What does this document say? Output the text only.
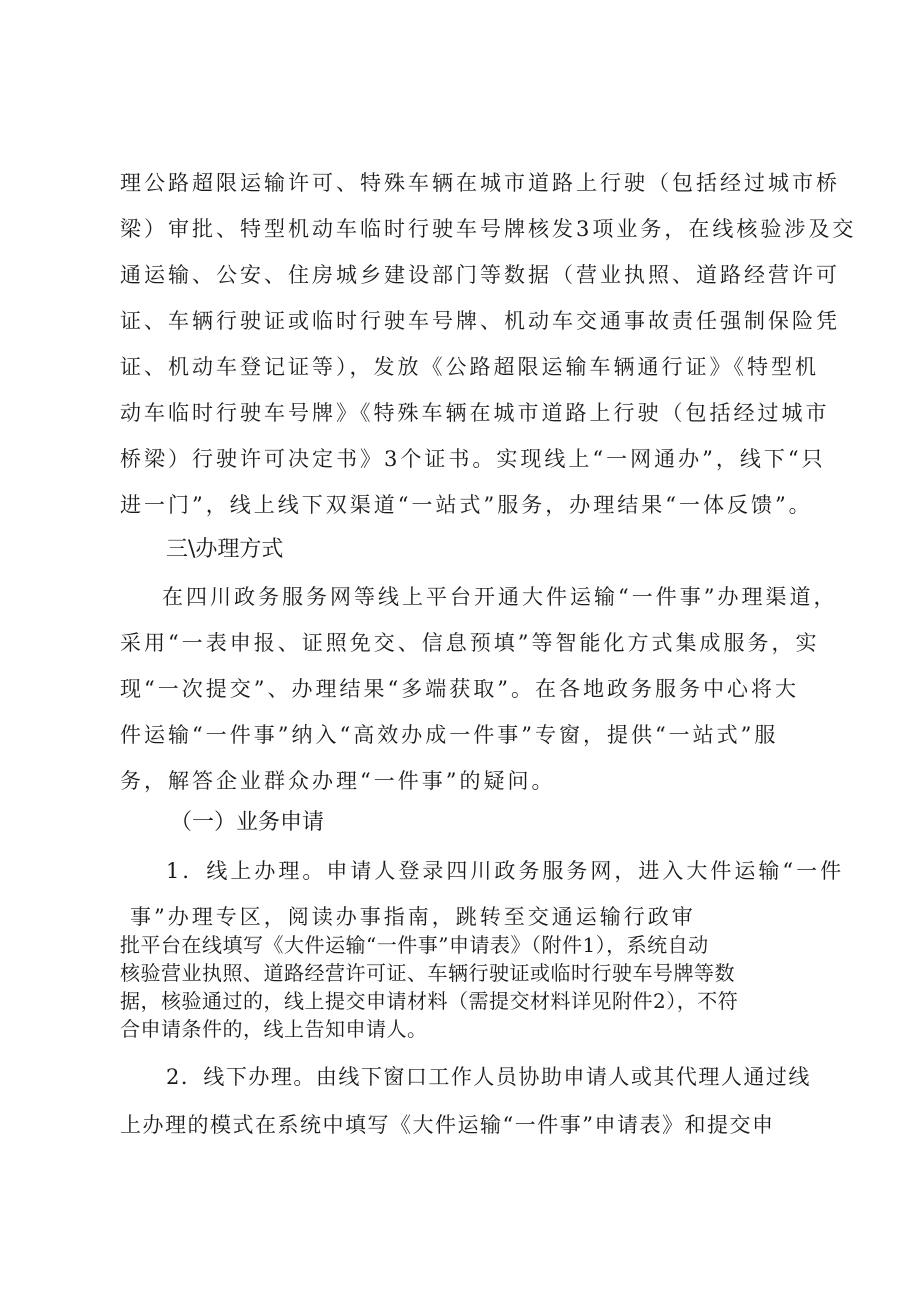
理公路超限运输许可、特殊车辆在城市道路上行驶（包括经过城市桥
梁）审批、特型机动车临时行驶车号牌核发3项业务，在线核验涉及交
通运输、公安、住房城乡建设部门等数据（营业执照、道路经营许可
证、车辆行驶证或临时行驶车号牌、机动车交通事故责任强制保险凭
证、机动车登记证等），发放《公路超限运输车辆通行证》《特型机
动车临时行驶车号牌》《特殊车辆在城市道路上行驶（包括经过城市
桥梁）行驶许可决定书》3个证书。实现线上“一网通办”，线下“只
进一门”，线上线下双渠道“一站式”服务，办理结果“一体反馈”。
三\办理方式
在四川政务服务网等线上平台开通大件运输“一件事”办理渠道，
采用“一表申报、证照免交、信息预填”等智能化方式集成服务，实
现“一次提交”、办理结果“多端获取”。在各地政务服务中心将大
件运输“一件事”纳入“高效办成一件事”专窗，提供“一站式”服
务，解答企业群众办理“一件事”的疑问。
（一）业务申请
1．线上办理。申请人登录四川政务服务网，进入大件运输“一件
事”办理专区，阅读办事指南，跳转至交通运输行政审
批平台在线填写《大件运输“一件事”申请表》（附件1），系统自动
核验营业执照、道路经营许可证、车辆行驶证或临时行驶车号牌等数
据，核验通过的，线上提交申请材料（需提交材料详见附件2），不符
合申请条件的，线上告知申请人。
2．线下办理。由线下窗口工作人员协助申请人或其代理人通过线
上办理的模式在系统中填写《大件运输“一件事”申请表》和提交申
